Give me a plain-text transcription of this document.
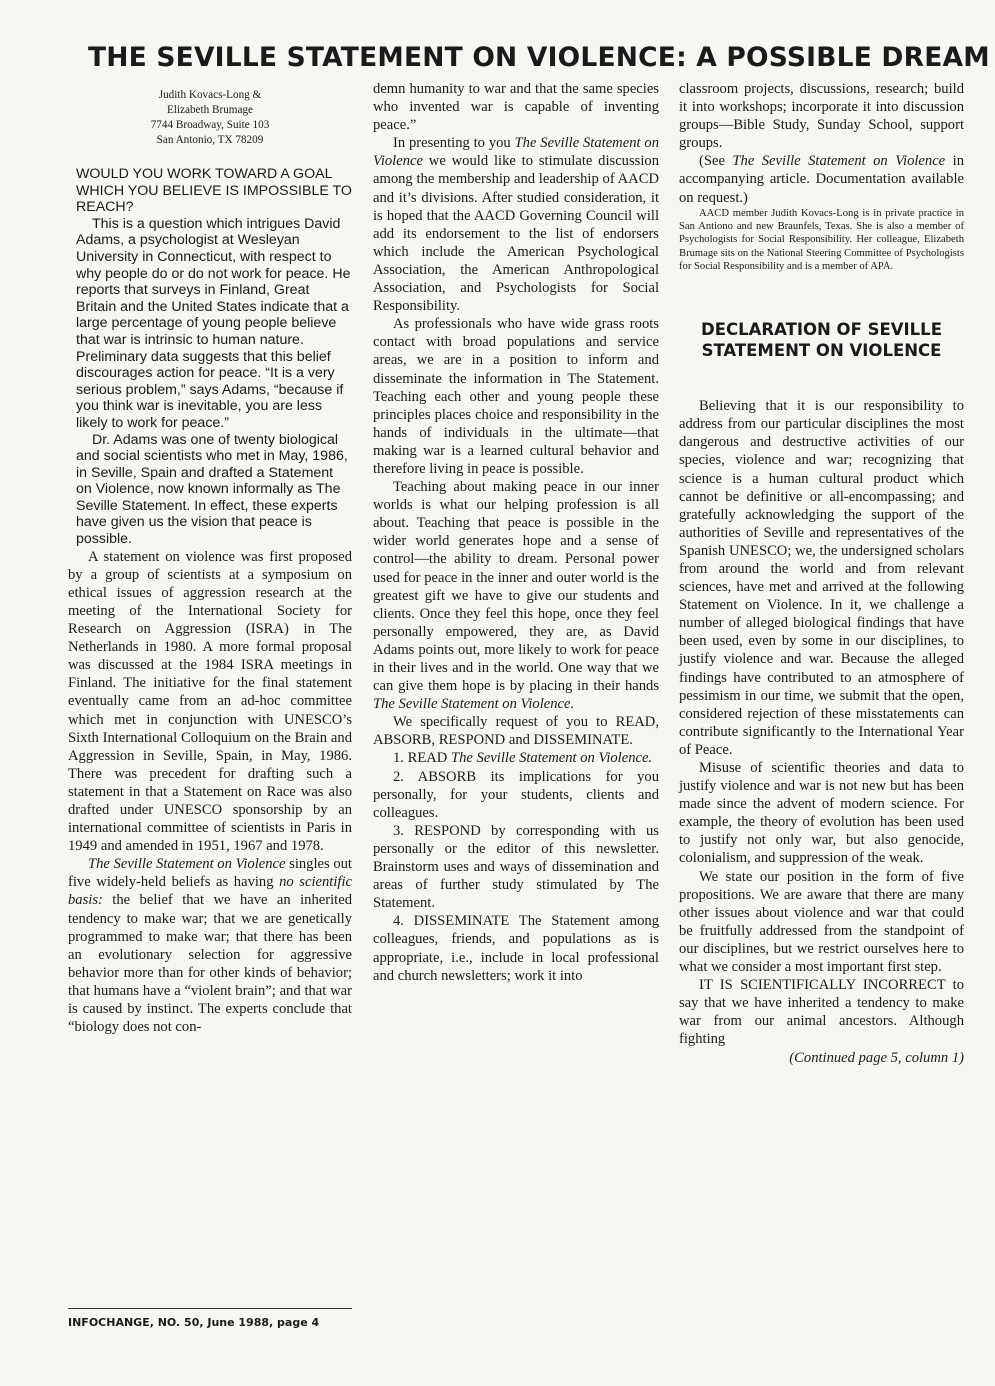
THE SEVILLE STATEMENT ON VIOLENCE: A POSSIBLE DREAM
Judith Kovacs-Long &
Elizabeth Brumage
7744 Broadway, Suite 103
San Antonio, TX 78209

WOULD YOU WORK TOWARD A GOAL WHICH YOU BELIEVE IS IMPOSSIBLE TO REACH?

This is a question which intrigues David Adams, a psychologist at Wesleyan University in Connecticut, with respect to why people do or do not work for peace. He reports that surveys in Finland, Great Britain and the United States indicate that a large percentage of young people believe that war is intrinsic to human nature. Preliminary data suggests that this belief discourages action for peace. “It is a very serious problem,” says Adams, “because if you think war is inevitable, you are less likely to work for peace.”

Dr. Adams was one of twenty biological and social scientists who met in May, 1986, in Seville, Spain and drafted a Statement on Violence, now known informally as The Seville Statement. In effect, these experts have given us the vision that peace is possible.

A statement on violence was first proposed by a group of scientists at a symposium on ethical issues of aggression research at the meeting of the International Society for Research on Aggression (ISRA) in The Netherlands in 1980. A more formal proposal was discussed at the 1984 ISRA meetings in Finland. The initiative for the final statement eventually came from an ad-hoc committee which met in conjunction with UNESCO’s Sixth International Colloquium on the Brain and Aggression in Seville, Spain, in May, 1986. There was precedent for drafting such a statement in that a Statement on Race was also drafted under UNESCO sponsorship by an international committee of scientists in Paris in 1949 and amended in 1951, 1967 and 1978.

The Seville Statement on Violence singles out five widely-held beliefs as having no scientific basis: the belief that we have an inherited tendency to make war; that we are genetically programmed to make war; that there has been an evolutionary selection for aggressive behavior more than for other kinds of behavior; that humans have a “violent brain”; and that war is caused by instinct. The experts conclude that “biology does not con-

demn humanity to war and that the same species who invented war is capable of inventing peace.”

In presenting to you The Seville Statement on Violence we would like to stimulate discussion among the membership and leadership of AACD and it’s divisions. After studied consideration, it is hoped that the AACD Governing Council will add its endorsement to the list of endorsers which include the American Psychological Association, the American Anthropological Association, and Psychologists for Social Responsibility.

As professionals who have wide grass roots contact with broad populations and service areas, we are in a position to inform and disseminate the information in The Statement. Teaching each other and young people these principles places choice and responsibility in the hands of individuals in the ultimate—that making war is a learned cultural behavior and therefore living in peace is possible.

Teaching about making peace in our inner worlds is what our helping profession is all about. Teaching that peace is possible in the wider world generates hope and a sense of control—the ability to dream. Personal power used for peace in the inner and outer world is the greatest gift we have to give our students and clients. Once they feel this hope, once they feel personally empowered, they are, as David Adams points out, more likely to work for peace in their lives and in the world. One way that we can give them hope is by placing in their hands The Seville Statement on Violence.

We specifically request of you to READ, ABSORB, RESPOND and DISSEMINATE.

1. READ The Seville Statement on Violence.

2. ABSORB its implications for you personally, for your students, clients and colleagues.

3. RESPOND by corresponding with us personally or the editor of this newsletter. Brainstorm uses and ways of dissemination and areas of further study stimulated by The Statement.

4. DISSEMINATE The Statement among colleagues, friends, and populations as is appropriate, i.e., include in local professional and church newsletters; work it into

classroom projects, discussions, research; build it into workshops; incorporate it into discussion groups—Bible Study, Sunday School, support groups.

(See The Seville Statement on Violence in accompanying article. Documentation available on request.)

AACD member Judith Kovacs-Long is in private practice in San Antiono and new Braunfels, Texas. She is also a member of Psychologists for Social Responsibility. Her colleague, Elizabeth Brumage sits on the National Steering Committee of Psychologists for Social Responsibility and is a member of APA.

DECLARATION OF SEVILLE
STATEMENT ON VIOLENCE

Believing that it is our responsibility to address from our particular disciplines the most dangerous and destructive activities of our species, violence and war; recognizing that science is a human cultural product which cannot be definitive or all-encompassing; and gratefully acknowledging the support of the authorities of Seville and representatives of the Spanish UNESCO; we, the undersigned scholars from around the world and from relevant sciences, have met and arrived at the following Statement on Violence. In it, we challenge a number of alleged biological findings that have been used, even by some in our disciplines, to justify violence and war. Because the alleged findings have contributed to an atmosphere of pessimism in our time, we submit that the open, considered rejection of these misstatements can contribute significantly to the International Year of Peace.

Misuse of scientific theories and data to justify violence and war is not new but has been made since the advent of modern science. For example, the theory of evolution has been used to justify not only war, but also genocide, colonialism, and suppression of the weak.

We state our position in the form of five propositions. We are aware that there are many other issues about violence and war that could be fruitfully addressed from the standpoint of our disciplines, but we restrict ourselves here to what we consider a most important first step.

IT IS SCIENTIFICALLY INCORRECT to say that we have inherited a tendency to make war from our animal ancestors. Although fighting

(Continued page 5, column 1)

INFOCHANGE, NO. 50, June 1988, page 4
